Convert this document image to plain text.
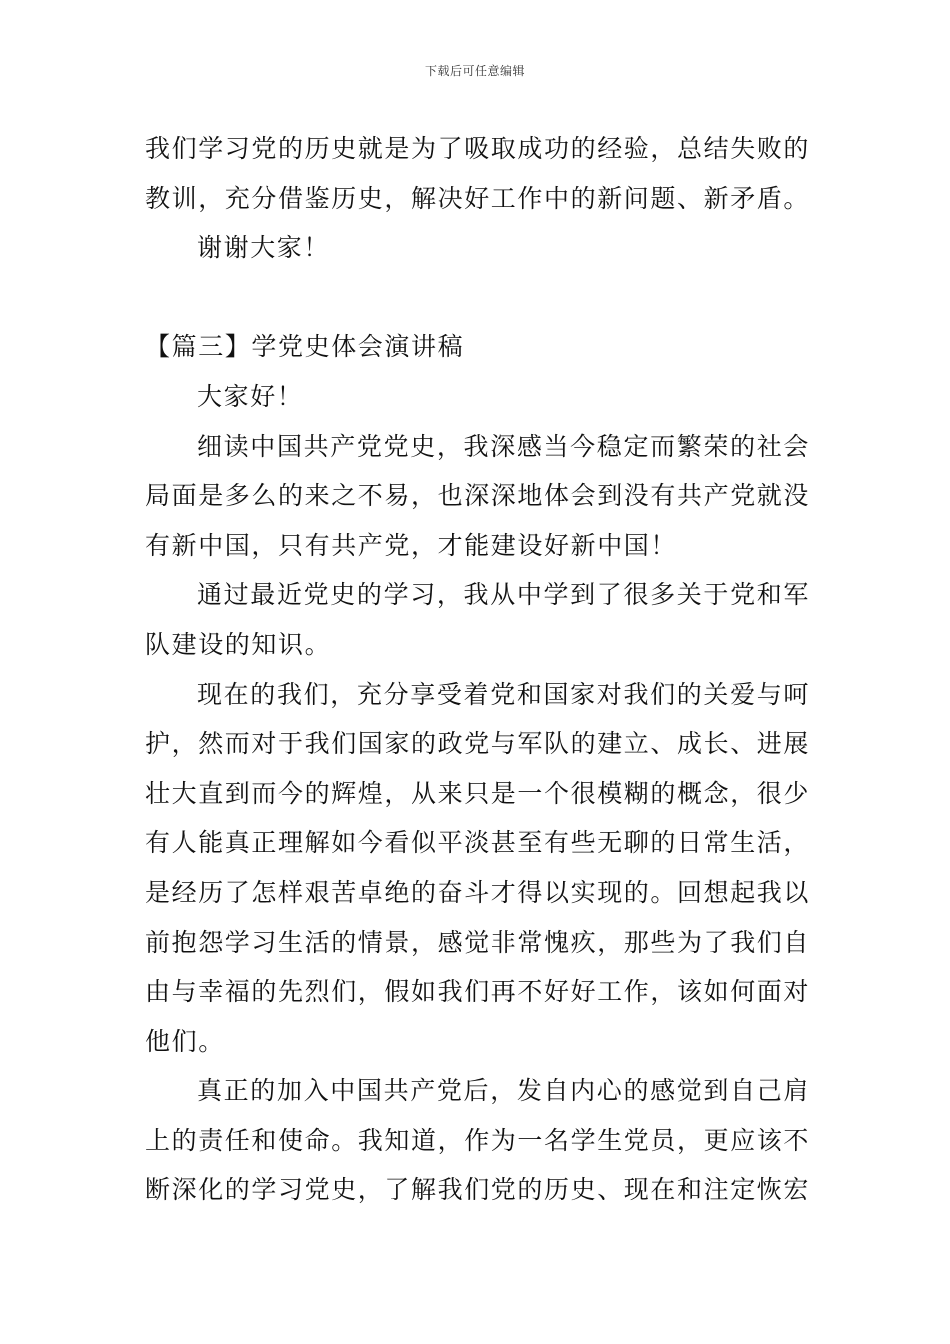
下载后可任意编辑

我们学习党的历史就是为了吸取成功的经验，总结失败的教训，充分借鉴历史，解决好工作中的新问题、新矛盾。

谢谢大家！

【篇三】学党史体会演讲稿

大家好！

细读中国共产党党史，我深感当今稳定而繁荣的社会局面是多么的来之不易，也深深地体会到没有共产党就没有新中国，只有共产党，才能建设好新中国！

通过最近党史的学习，我从中学到了很多关于党和军队建设的知识。

现在的我们，充分享受着党和国家对我们的关爱与呵护，然而对于我们国家的政党与军队的建立、成长、进展壮大直到而今的辉煌，从来只是一个很模糊的概念，很少有人能真正理解如今看似平淡甚至有些无聊的日常生活，是经历了怎样艰苦卓绝的奋斗才得以实现的。回想起我以前抱怨学习生活的情景，感觉非常愧疚，那些为了我们自由与幸福的先烈们，假如我们再不好好工作，该如何面对他们。

真正的加入中国共产党后，发自内心的感觉到自己肩上的责任和使命。我知道，作为一名学生党员，更应该不断深化的学习党史，了解我们党的历史、现在和注定恢宏
